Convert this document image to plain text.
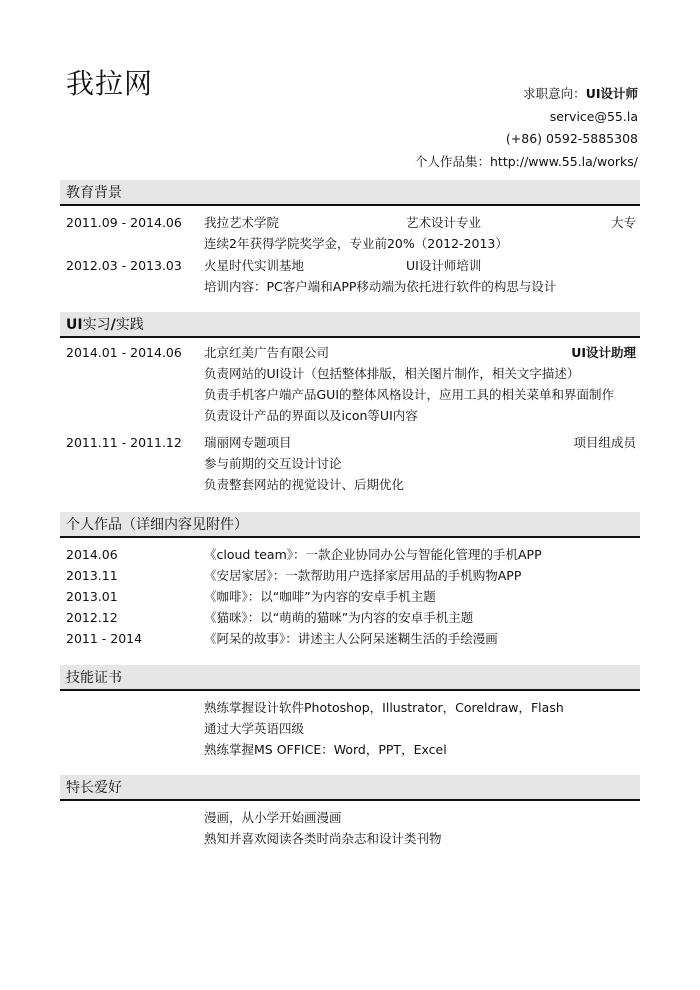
我拉网	求职意向：UI设计师
service@55.la
(+86) 0592-5885308
个人作品集：http://www.55.la/works/
教育背景
2011.09 - 2014.06 我拉艺术学院	艺术设计专业	大专
连续2年获得学院奖学金，专业前20%（2012-2013）
2012.03 - 2013.03 火星时代实训基地	UI设计师培训
培训内容：PC客户端和APP移动端为依托进行软件的构思与设计
UI实习/实践
2014.01 - 2014.06 北京红美广告有限公司	UI设计助理
负责网站的UI设计（包括整体排版，相关图片制作，相关文字描述）
负责手机客户端产品GUI的整体风格设计，应用工具的相关菜单和界面制作
负责设计产品的界面以及icon等UI内容
2011.11 - 2011.12 瑞丽网专题项目	项目组成员
参与前期的交互设计讨论
负责整套网站的视觉设计、后期优化
个人作品（详细内容见附件）
2014.06	《cloud team》：一款企业协同办公与智能化管理的手机APP
2013.11	《安居家居》：一款帮助用户选择家居用品的手机购物APP
2013.01	《咖啡》：以“咖啡”为内容的安卓手机主题
2012.12	《猫咪》：以“萌萌的猫咪”为内容的安卓手机主题
2011 - 2014	《阿呆的故事》：讲述主人公阿呆迷糊生活的手绘漫画
技能证书
熟练掌握设计软件Photoshop，Illustrator，Coreldraw，Flash
通过大学英语四级
熟练掌握MS OFFICE：Word，PPT，Excel
特长爱好
漫画，从小学开始画漫画
熟知并喜欢阅读各类时尚杂志和设计类刊物
